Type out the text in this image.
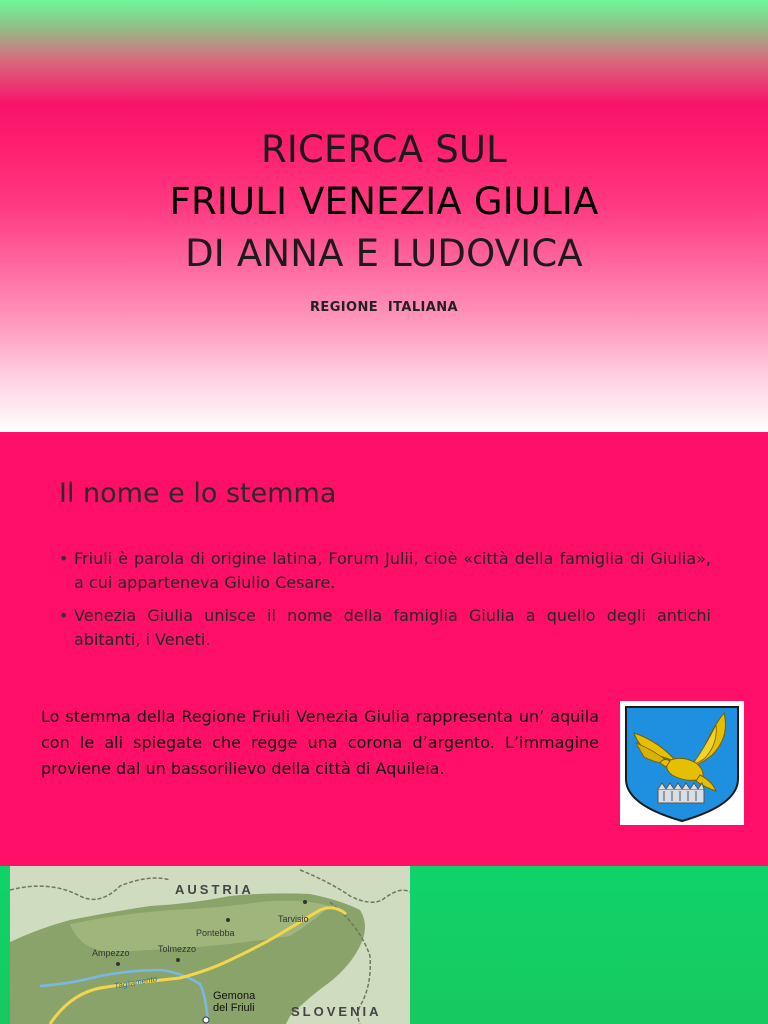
RICERCA SUL
FRIULI VENEZIA GIULIA
DI ANNA E LUDOVICA
REGIONE  ITALIANA
Il nome e lo stemma
• Friuli è parola di origine latina, Forum Julii, cioè «città della famiglia di Giulia», a cui apparteneva Giulio Cesare.
• Venezia Giulia unisce il nome della famiglia Giulia a quello degli antichi abitanti, i Veneti.

Lo stemma della Regione Friuli Venezia Giulia rappresenta un’ aquila con le ali spiegate che regge una corona d’argento. L’immagine proviene dal un bassorilievo della città di Aquileia.

AUSTRIA
SLOVENIA
Pontebba
Tarvisio
Ampezzo	Tolmezzo
Tagliamento
Gemona
del Friuli
